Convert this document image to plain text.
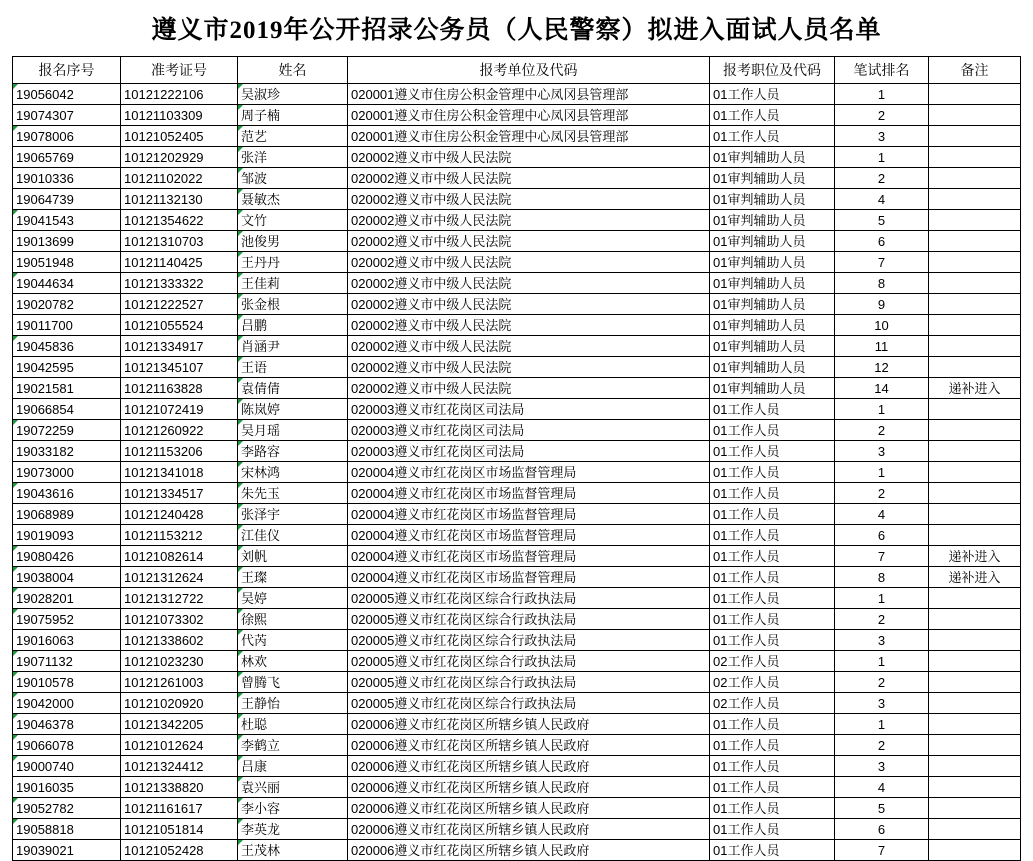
遵义市2019年公开招录公务员（人民警察）拟进入面试人员名单
报名序号	准考证号	姓名	报考单位及代码	报考职位及代码	笔试排名	备注
19056042	10121222106	吴淑珍	020001遵义市住房公积金管理中心凤冈县管理部	01工作人员	1	
19074307	10121103309	周子楠	020001遵义市住房公积金管理中心凤冈县管理部	01工作人员	2	
19078006	10121052405	范艺	020001遵义市住房公积金管理中心凤冈县管理部	01工作人员	3	
19065769	10121202929	张洋	020002遵义市中级人民法院	01审判辅助人员	1	
19010336	10121102022	邹波	020002遵义市中级人民法院	01审判辅助人员	2	
19064739	10121132130	聂敏杰	020002遵义市中级人民法院	01审判辅助人员	4	
19041543	10121354622	文竹	020002遵义市中级人民法院	01审判辅助人员	5	
19013699	10121310703	池俊男	020002遵义市中级人民法院	01审判辅助人员	6	
19051948	10121140425	王丹丹	020002遵义市中级人民法院	01审判辅助人员	7	
19044634	10121333322	王佳莉	020002遵义市中级人民法院	01审判辅助人员	8	
19020782	10121222527	张金根	020002遵义市中级人民法院	01审判辅助人员	9	
19011700	10121055524	吕鹏	020002遵义市中级人民法院	01审判辅助人员	10	
19045836	10121334917	肖涵尹	020002遵义市中级人民法院	01审判辅助人员	11	
19042595	10121345107	王语	020002遵义市中级人民法院	01审判辅助人员	12	
19021581	10121163828	袁倩倩	020002遵义市中级人民法院	01审判辅助人员	14	递补进入
19066854	10121072419	陈岚婷	020003遵义市红花岗区司法局	01工作人员	1	
19072259	10121260922	吴月瑶	020003遵义市红花岗区司法局	01工作人员	2	
19033182	10121153206	李路容	020003遵义市红花岗区司法局	01工作人员	3	
19073000	10121341018	宋林鸿	020004遵义市红花岗区市场监督管理局	01工作人员	1	
19043616	10121334517	朱先玉	020004遵义市红花岗区市场监督管理局	01工作人员	2	
19068989	10121240428	张泽宇	020004遵义市红花岗区市场监督管理局	01工作人员	4	
19019093	10121153212	江佳仪	020004遵义市红花岗区市场监督管理局	01工作人员	6	
19080426	10121082614	刘帆	020004遵义市红花岗区市场监督管理局	01工作人员	7	递补进入
19038004	10121312624	王璨	020004遵义市红花岗区市场监督管理局	01工作人员	8	递补进入
19028201	10121312722	吴婷	020005遵义市红花岗区综合行政执法局	01工作人员	1	
19075952	10121073302	徐熙	020005遵义市红花岗区综合行政执法局	01工作人员	2	
19016063	10121338602	代芮	020005遵义市红花岗区综合行政执法局	01工作人员	3	
19071132	10121023230	林欢	020005遵义市红花岗区综合行政执法局	02工作人员	1	
19010578	10121261003	曾腾飞	020005遵义市红花岗区综合行政执法局	02工作人员	2	
19042000	10121020920	王静怡	020005遵义市红花岗区综合行政执法局	02工作人员	3	
19046378	10121342205	杜聪	020006遵义市红花岗区所辖乡镇人民政府	01工作人员	1	
19066078	10121012624	李鹤立	020006遵义市红花岗区所辖乡镇人民政府	01工作人员	2	
19000740	10121324412	吕康	020006遵义市红花岗区所辖乡镇人民政府	01工作人员	3	
19016035	10121338820	袁兴丽	020006遵义市红花岗区所辖乡镇人民政府	01工作人员	4	
19052782	10121161617	李小容	020006遵义市红花岗区所辖乡镇人民政府	01工作人员	5	
19058818	10121051814	李英龙	020006遵义市红花岗区所辖乡镇人民政府	01工作人员	6	
19039021	10121052428	王茂林	020006遵义市红花岗区所辖乡镇人民政府	01工作人员	7	
